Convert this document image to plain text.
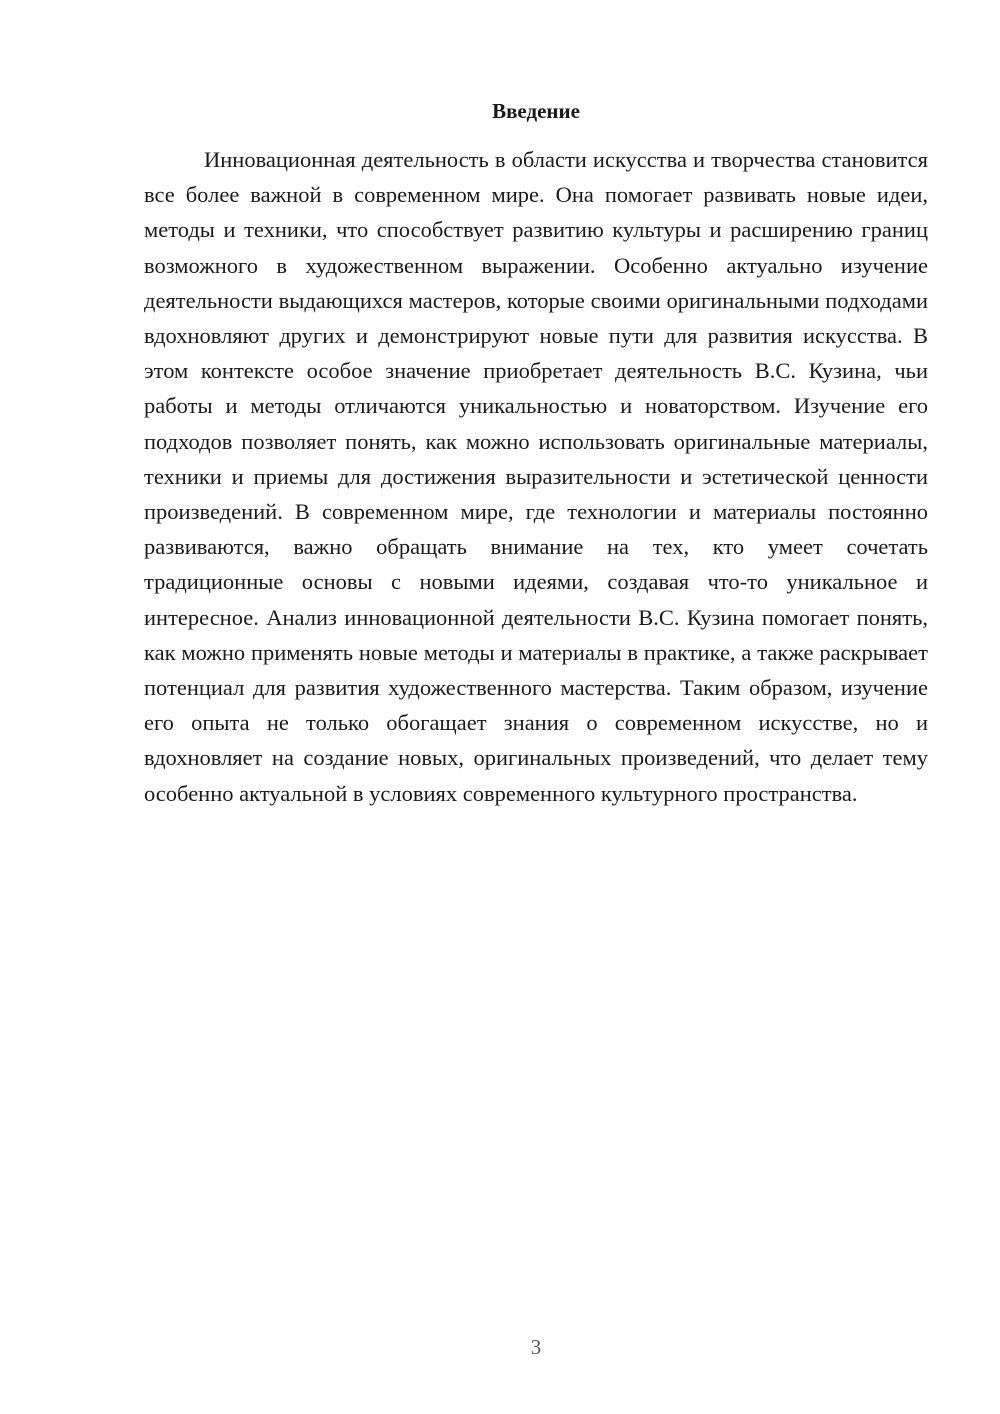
Введение

Инновационная деятельность в области искусства и творчества становится все более важной в современном мире. Она помогает развивать новые идеи, методы и техники, что способствует развитию культуры и расширению границ возможного в художественном выражении. Особенно актуально изучение деятельности выдающихся мастеров, которые своими оригинальными подходами вдохновляют других и демонстрируют новые пути для развития искусства. В этом контексте особое значение приобретает деятельность В.С. Кузина, чьи работы и методы отличаются уникальностью и новаторством. Изучение его подходов позволяет понять, как можно использовать оригинальные материалы, техники и приемы для достижения выразительности и эстетической ценности произведений. В современном мире, где технологии и материалы постоянно развиваются, важно обращать внимание на тех, кто умеет сочетать традиционные основы с новыми идеями, создавая что-то уникальное и интересное. Анализ инновационной деятельности В.С. Кузина помогает понять, как можно применять новые методы и материалы в практике, а также раскрывает потенциал для развития художественного мастерства. Таким образом, изучение его опыта не только обогащает знания о современном искусстве, но и вдохновляет на создание новых, оригинальных произведений, что делает тему особенно актуальной в условиях современного культурного пространства.

3
